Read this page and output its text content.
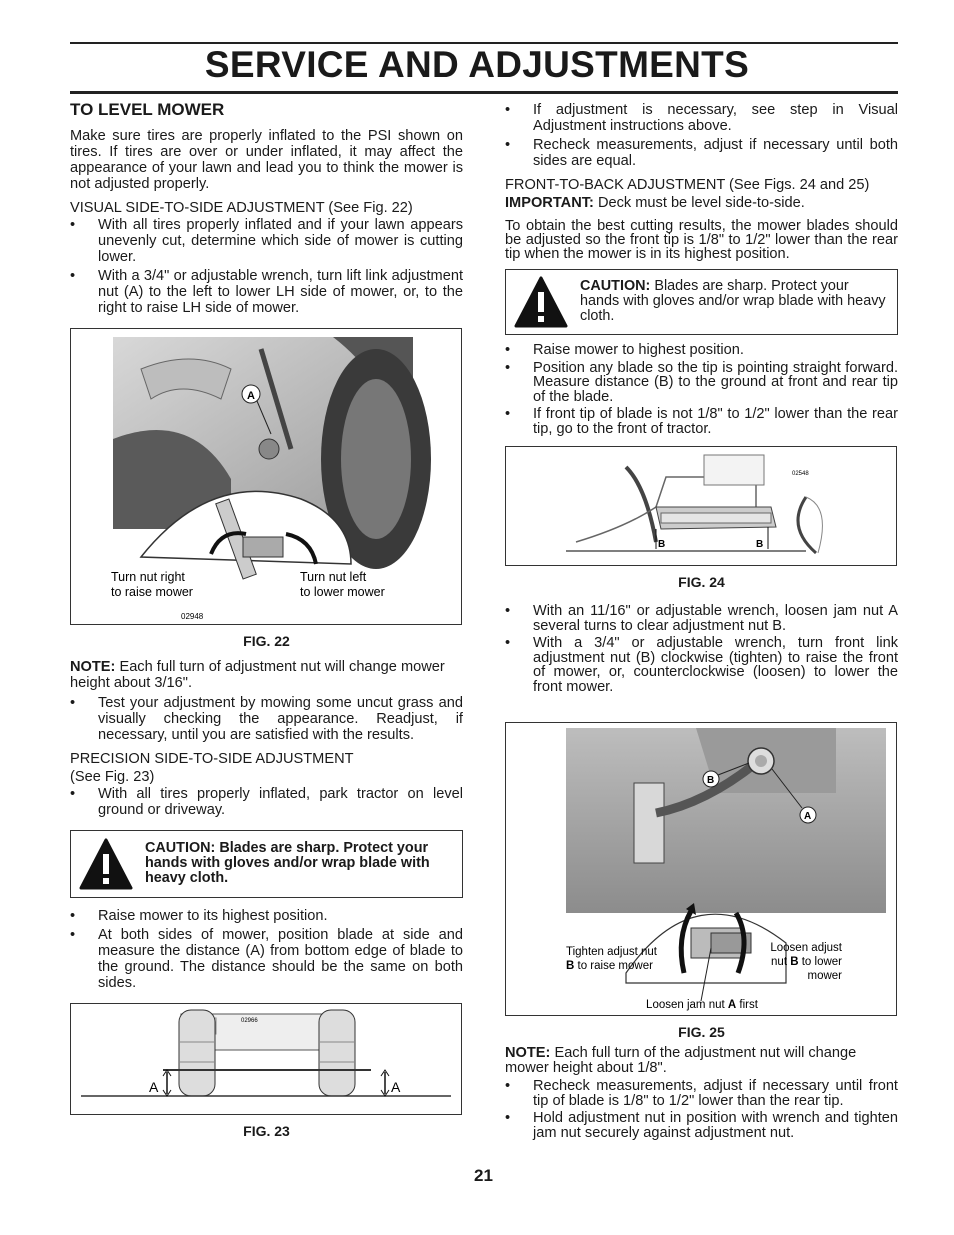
SERVICE AND ADJUSTMENTS
TO LEVEL MOWER

Make sure tires are properly inflated to the PSI shown on tires. If tires are over or under inflated, it may affect the appearance of your lawn and lead you to think the mower is not adjusted properly.

VISUAL SIDE-TO-SIDE ADJUSTMENT (See Fig. 22)

• With all tires properly inflated and if your lawn appears unevenly cut, determine which side of mower is cutting lower.
• With a 3/4" or adjustable wrench, turn lift link adjustment nut (A) to the left to lower LH side of mower, or, to the right to raise LH side of mower.
A
Turn nut right
to raise mower
Turn nut left
to lower mower
02948
FIG. 22

NOTE: Each full turn of adjustment nut will change mower height about 3/16".

• Test your adjustment by mowing some uncut grass and visually checking the appearance. Readjust, if necessary, until you are satisfied with the results.

PRECISION SIDE-TO-SIDE ADJUSTMENT

(See Fig. 23)

• With all tires properly inflated, park tractor on level ground or driveway.
CAUTION: Blades are sharp. Protect your hands with gloves and/or wrap blade with heavy cloth.
• Raise mower to its highest position.
• At both sides of mower, position blade at side and measure the distance (A) from bottom edge of blade to the ground. The distance should be the same on both sides.
A	A
02966
FIG. 23
• If adjustment is necessary, see step in Visual Adjustment instructions above.
• Recheck measurements, adjust if necessary until both sides are equal.

FRONT-TO-BACK ADJUSTMENT (See Figs. 24 and 25)

IMPORTANT: Deck must be level side-to-side.

To obtain the best cutting results, the mower blades should be adjusted so the front tip is 1/8" to 1/2" lower than the rear tip when the mower is in its highest position.

CAUTION: Blades are sharp. Protect your hands with gloves and/or wrap blade with heavy cloth.
• Raise mower to highest position.
• Position any blade so the tip is pointing straight forward. Measure distance (B) to the ground at front and rear tip of the blade.
• If front tip of blade is not 1/8" to 1/2" lower than the rear tip, go to the front of tractor.
B	B
02548
FIG. 24
• With an 11/16" or adjustable wrench, loosen jam nut A several turns to clear adjustment nut B.
• With a 3/4" or adjustable wrench, turn front link adjustment nut (B) clockwise (tighten) to raise the front of mower, or, counterclockwise (loosen) to lower the front mower.
B
A
Tighten adjust nut
B to raise mower
Loosen adjust
nut B to lower
mower
Loosen jam nut A first
FIG. 25

NOTE: Each full turn of the adjustment nut will change mower height about 1/8".

• Recheck measurements, adjust if necessary until front tip of blade is 1/8" to 1/2" lower than the rear tip.
• Hold adjustment nut in position with wrench and tighten jam nut securely against adjustment nut.
21
